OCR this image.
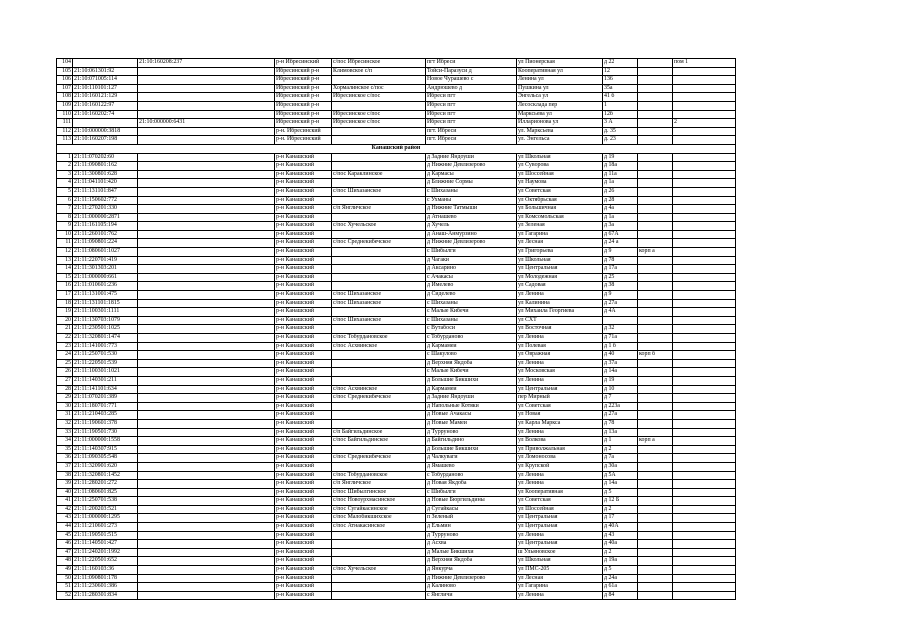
104		21:10:160208:237	р-н Ибресинский	с/пос Ибресинское	пгт Ибреси	ул Пионерская	д 22		пом 1
105	21:10:061301:92		Ибресинский р-н	Климовское с/п	Тойси-Паразуси д	Кооперативная ул	12		
106	21:10:071005:114		Ибресинский р-н		Новое Чурашево с	Ленина ул	136		
107	21:10:110101:127		Ибресинский р-н	Хормалинское с/пос	Андрюшево д	Пушкина ул	35а		
108	21:10:160121:129		Ибресинский р-н	Ибресинское с/пос	Ибреси пгт	Энгельса ул	41 б		
109	21:10:160122:97		Ибресинский р-н		Ибреси пгт	Лесосклада пер	1		
110	21:10:160202:74		Ибресинский р-н	Ибресинское с/пос	Ибреси пгт	Марксьева ул	12б		
111		21:10:000000:6431	Ибресинский р-н	Ибресинское с/пос	Ибреси пгт	Илларионова ул	3 А		2
112	21:10:000000:3818		р-н. Ибресинский		пгт. Ибреси	ул. Марксьева	д. 35		
113	21:10:160207:198		р-н. Ибресинский		пгт. Ибреси	ул. Энгельса	д. 23		
Канашский район									
1	21:11:070202:60		р-н Канашский		д Задние Яндоуши	ул Школьная	д 19		
2	21:11:090801:162		р-н Канашский		д Нижние Девлизерово	ул Суворова	д 18а		
3	21:11:300801:628		р-н Канашский	с/пос Караклинское	д Кармасы	ул Шоссейная	д 11а		
4	21:11:041101:420		р-н Канашский		д Ближние Сормы	ул Наумова	д 1а		
5	21:11:131101:847		р-н Канашский	с/пос Шихазанское	с Шихазаны	ул Советская	д 26		
6	21:11:150602:772		р-н Канашский		с Ухманы	ул Октябрьская	д 28		
7	21:11:270201:330		р-н Канашский	с/п Янгличское	д Нижние Татмыши	ул Большичная	д 4а		
8	21:11:000000:2871		р-н Канашский		д Атнашево	ул Комсомольская	д 1а		
9	21:11:161105:194		р-н Канашский	с/пос Хучельское	д Хучель	ул Зеленая	д 3а		
10	21:11:260101:762		р-н Канашский		д Анаш-Анмурзино	ул Гагарина	д 67А		
11	21:11:090801:224		р-н Канашский	с/пос Среднекибечское	д Нижние Девлизерово	ул Лесная	д 24 а		
12	21:11:080601:1027		р-н Канашский		с Шибылги	ул Григорьева	д 9	корп а	
13	21:11:220701:419		р-н Канашский		д Чагаки	ул Школьная	д 78		
14	21:11:301303:201		р-н Канашский		д Аксарино	ул Центральная	д 17а		
15	21:11:000000:661		р-н Канашский		с Ачакасы	ул Молодежная	д 25		
16	21:11:010601:236		р-н Канашский		д Имелево	ул Садовая	д 38		
17	21:11:131001:475		р-н Канашский	с/пос Шихазанское	д Сиделево	ул Ленина	д 9		
18	21:11:131101:1815		р-н Канашский	с/пос Шихазанское	с Шихазаны	ул Калинина	д 27а		
19	21:11:100301:1111		р-н Канашский		с Малые Кибечи	ул Михаила Георгиева	д 4А		
20	21:11:130703:1079		р-н Канашский	с/пос Шихазанское	с Шихазаны	ул СХТ			
21	21:11:230501:1025		р-н Канашский		с Вутабоси	ул Восточная	д 32		
22	21:11:320801:1474		р-н Канашский	с/пос Тобурдановское	с Тобурданово	ул Ленина	д 71а		
23	21:11:141001:773		р-н Канашский	с/пос Асхвинское	д Кармамеи	ул Полевая	д 1 б		
24	21:11:250701:530		р-н Канашский		с Шакулово	ул Овражная	д 40	корп б	
25	21:11:220501:539		р-н Канашский		д Верхняя Якдоба	ул Ленина	д 37а		
26	21:11:100301:1021		р-н Канашский		с Малые Кибечи	ул Московская	д 14а		
27	21:11:140301:211		р-н Канашский		д Большие Бикшихи	ул Ленина	д 19		
28	21:11:141101:634		р-н Канашский	с/пос Асхвинское	д Кармамеи	ул Центральная	д 10		
29	21:11:070201:389		р-н Канашский	с/пос Среднекибечское	д Задние Яндоуши	пер Мирный	д 7		
30	21:11:180701:771		р-н Канашский		д Напольные Котяки	ул Советская	д 223а		
31	21:11:210403:285		р-н Канашский		д Новые Ачакасы	ул Новая	д 27а		
32	21:11:190601:378		р-н Канашский		д Новые Мамеи	ул Карла Маркса	д 78		
33	21:11:190501:730		р-н Канашский	с/п Байгильдинское	д Турруново	ул Ленина	д 13а		
34	21:11:000000:1558		р-н Канашский	с/пос Байгильдинское	д Байгильдино	ул Волкова	д 1	корп а	
35	21:11:140307:915		р-н Канашский		д Большие Бикшихи	ул Приволжальная	д 2		
36	21:11:090305:548		р-н Канашский	с/пос Среднекибечское	д Чалкуваги	ул Ломоносова	д 7а		
37	21:11:320901:620		р-н Канашский		д Ямашево	ул Крупской	д 30а		
38	21:11:320801:1452		р-н Канашский	с/пос Тобурдановское	с Тобурданово	ул Ленина	д 5А		
39	21:11:280201:272		р-н Канашский	с/п Янгличское	д Новая Якдоба	ул Ленина	д 14а		
40	21:11:080601:825		р-н Канашский	с/пос Шибылгинское	с Шибылги	ул Кооперативная	д 5		
41	21:11:250701:538		р-н Канашский	с/пос Новоурхмасинское	д Новые Бюргильдины	ул Советская	д 12 Б		
42	21:11:200203:521		р-н Канашский	с/пос Сугайкасинское	д Сугайкасы	ул Шоссейная	д 2		
43	21:11:000000:1295		р-н Канашский	с/пос Малобикшихское	п Зеленый	ул Центральная	д 17		
44	21:11:210601:273		р-н Канашский	с/пос Атнакасинское	д Ельмин	ул Центральная	д 40А		
45	21:11:190501:515		р-н Канашский		д Турруново	ул Ленина	д 43		
46	21:11:140501:427		р-н Канашский		д Асхва	ул Центральная	д 40а		
47	21:11:240201:1992		р-н Канашский		д Малые Бикшихи	ш Ульяновское	д 2		
48	21:11:220501:652		р-н Канашский		д Верхняя Якдоба	ул Школьная	д 19а		
49	21:11:160103:36		р-н Канашский	с/пос Хучельское	д Янкурча	ул ПМС-205	д 5		
50	21:11:090801:178		р-н Канашский		д Нижние Девлизерово	ул Лесная	д 24а		
51	21:11:230601:386		р-н Канашский		д Калиново	ул Гагарина	д 61а		
52	21:11:280301:834		р-н Канашский		с Янгличи	ул Ленина	д 84		
